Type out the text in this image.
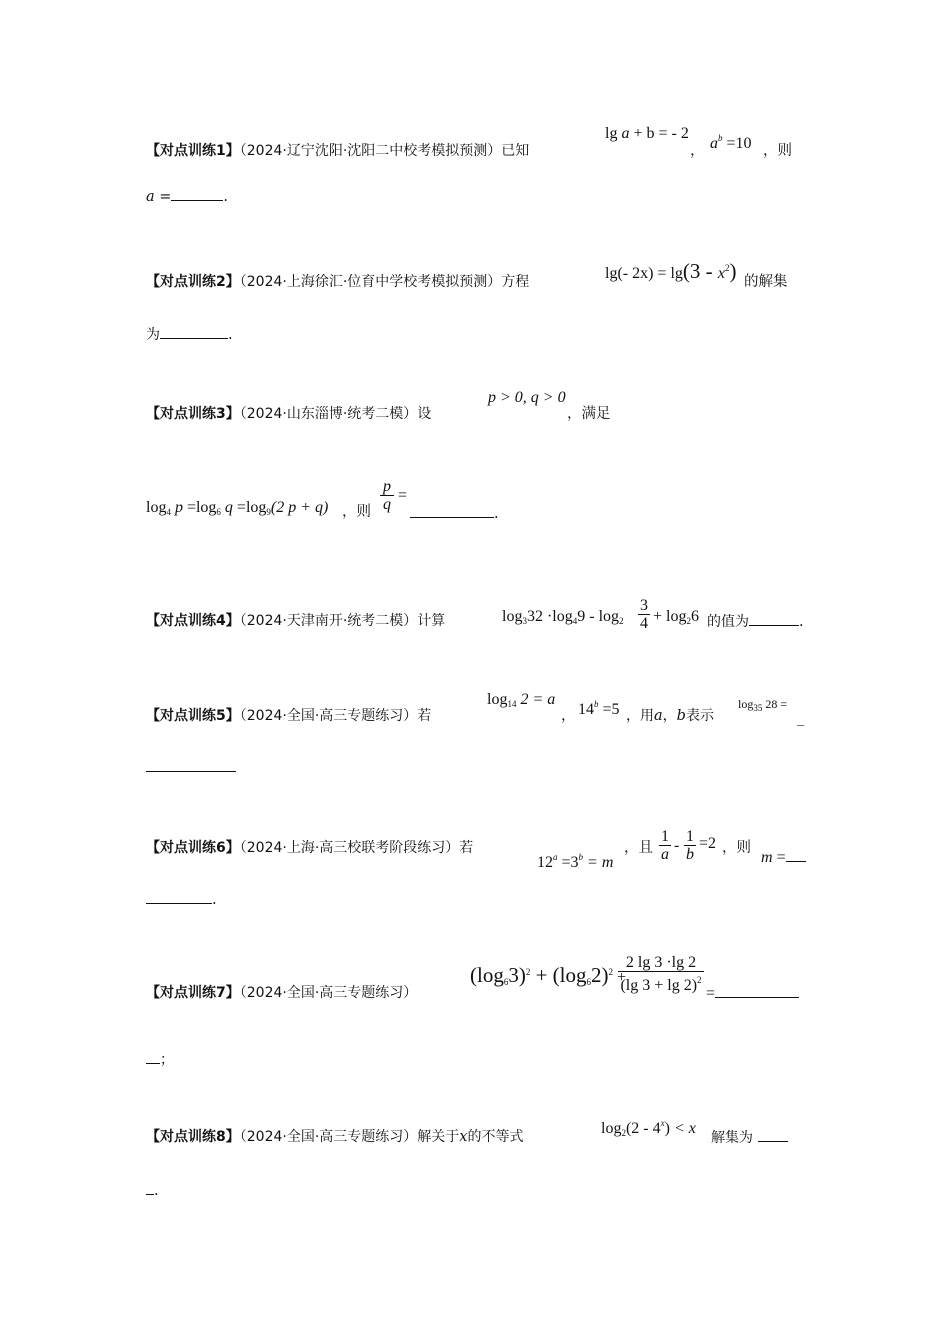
【对点训练1】（2024·辽宁沈阳·沈阳二中校考模拟预测）已知
lg a + b = - 2
， $a^b =10$ ，则
a =	.
【对点训练2】（2024·上海徐汇·位育中学校考模拟预测）方程	lg(- $2x) = \lg(3 - x^2)$ 的解集
为	.
【对点训练3】（2024·山东淄博·统考二模）设
p > 0, q > 0
，满足
$\log_4 p =\log_6$ $q =\log_9(2$ p + q) ，则 $\frac{p}{q}$ =
.
【对点训练4】（2024·天津南开·统考二模）计算	$\log_332 \cdot\log_49 - \log_2 \frac{3}{4} + \log_26$ 的值为	.
【对点训练5】（2024·全国·高三专题练习）若
$\log_{14} 2 = a$
， $14^b =5$ ，用a，b表示
$\log_{35} 28$ =
_
【对点训练6】（2024·上海·高三校联考阶段练习）若
$12^a =3^b = m$
，且 $\frac{1}{a} - \frac{1}{b} =2$ ，则
m =
.
【对点训练7】（2024·全国·高三专题练习）
$(\log_63)^2 + (\log_62)^2$ +
$\frac{2 \lg 3 \cdot\lg 2}{(\lg 3 + \lg 2)^2}$ =
；
【对点训练8】（2024·全国·高三专题练习）解关于x的不等式	$\log_2(2 - 4^x) < x$
解集为
.
